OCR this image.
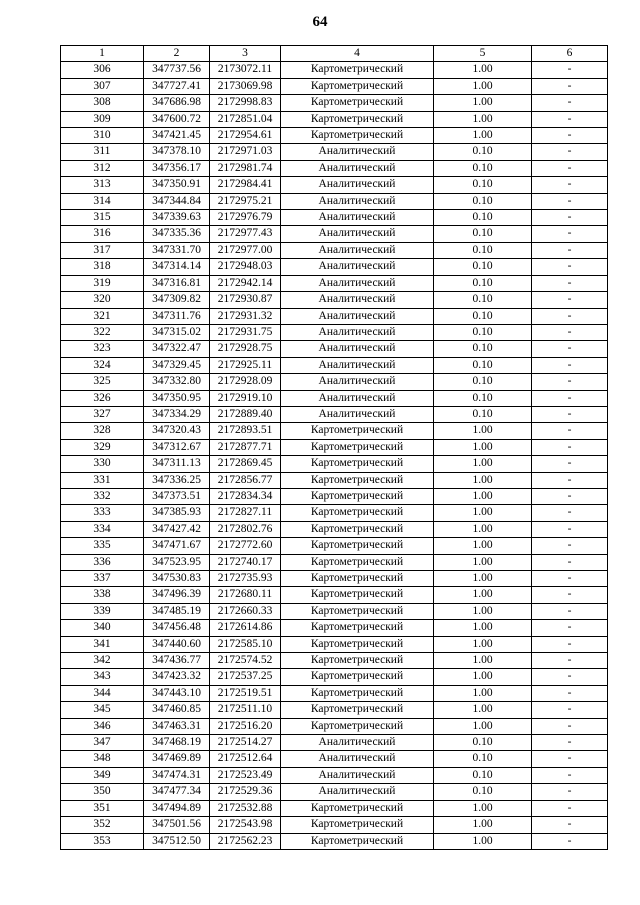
64
1	2	3	4	5	6
306	347737.56	2173072.11	Картометрический	1.00	-
307	347727.41	2173069.98	Картометрический	1.00	-
308	347686.98	2172998.83	Картометрический	1.00	-
309	347600.72	2172851.04	Картометрический	1.00	-
310	347421.45	2172954.61	Картометрический	1.00	-
311	347378.10	2172971.03	Аналитический	0.10	-
312	347356.17	2172981.74	Аналитический	0.10	-
313	347350.91	2172984.41	Аналитический	0.10	-
314	347344.84	2172975.21	Аналитический	0.10	-
315	347339.63	2172976.79	Аналитический	0.10	-
316	347335.36	2172977.43	Аналитический	0.10	-
317	347331.70	2172977.00	Аналитический	0.10	-
318	347314.14	2172948.03	Аналитический	0.10	-
319	347316.81	2172942.14	Аналитический	0.10	-
320	347309.82	2172930.87	Аналитический	0.10	-
321	347311.76	2172931.32	Аналитический	0.10	-
322	347315.02	2172931.75	Аналитический	0.10	-
323	347322.47	2172928.75	Аналитический	0.10	-
324	347329.45	2172925.11	Аналитический	0.10	-
325	347332.80	2172928.09	Аналитический	0.10	-
326	347350.95	2172919.10	Аналитический	0.10	-
327	347334.29	2172889.40	Аналитический	0.10	-
328	347320.43	2172893.51	Картометрический	1.00	-
329	347312.67	2172877.71	Картометрический	1.00	-
330	347311.13	2172869.45	Картометрический	1.00	-
331	347336.25	2172856.77	Картометрический	1.00	-
332	347373.51	2172834.34	Картометрический	1.00	-
333	347385.93	2172827.11	Картометрический	1.00	-
334	347427.42	2172802.76	Картометрический	1.00	-
335	347471.67	2172772.60	Картометрический	1.00	-
336	347523.95	2172740.17	Картометрический	1.00	-
337	347530.83	2172735.93	Картометрический	1.00	-
338	347496.39	2172680.11	Картометрический	1.00	-
339	347485.19	2172660.33	Картометрический	1.00	-
340	347456.48	2172614.86	Картометрический	1.00	-
341	347440.60	2172585.10	Картометрический	1.00	-
342	347436.77	2172574.52	Картометрический	1.00	-
343	347423.32	2172537.25	Картометрический	1.00	-
344	347443.10	2172519.51	Картометрический	1.00	-
345	347460.85	2172511.10	Картометрический	1.00	-
346	347463.31	2172516.20	Картометрический	1.00	-
347	347468.19	2172514.27	Аналитический	0.10	-
348	347469.89	2172512.64	Аналитический	0.10	-
349	347474.31	2172523.49	Аналитический	0.10	-
350	347477.34	2172529.36	Аналитический	0.10	-
351	347494.89	2172532.88	Картометрический	1.00	-
352	347501.56	2172543.98	Картометрический	1.00	-
353	347512.50	2172562.23	Картометрический	1.00	-
